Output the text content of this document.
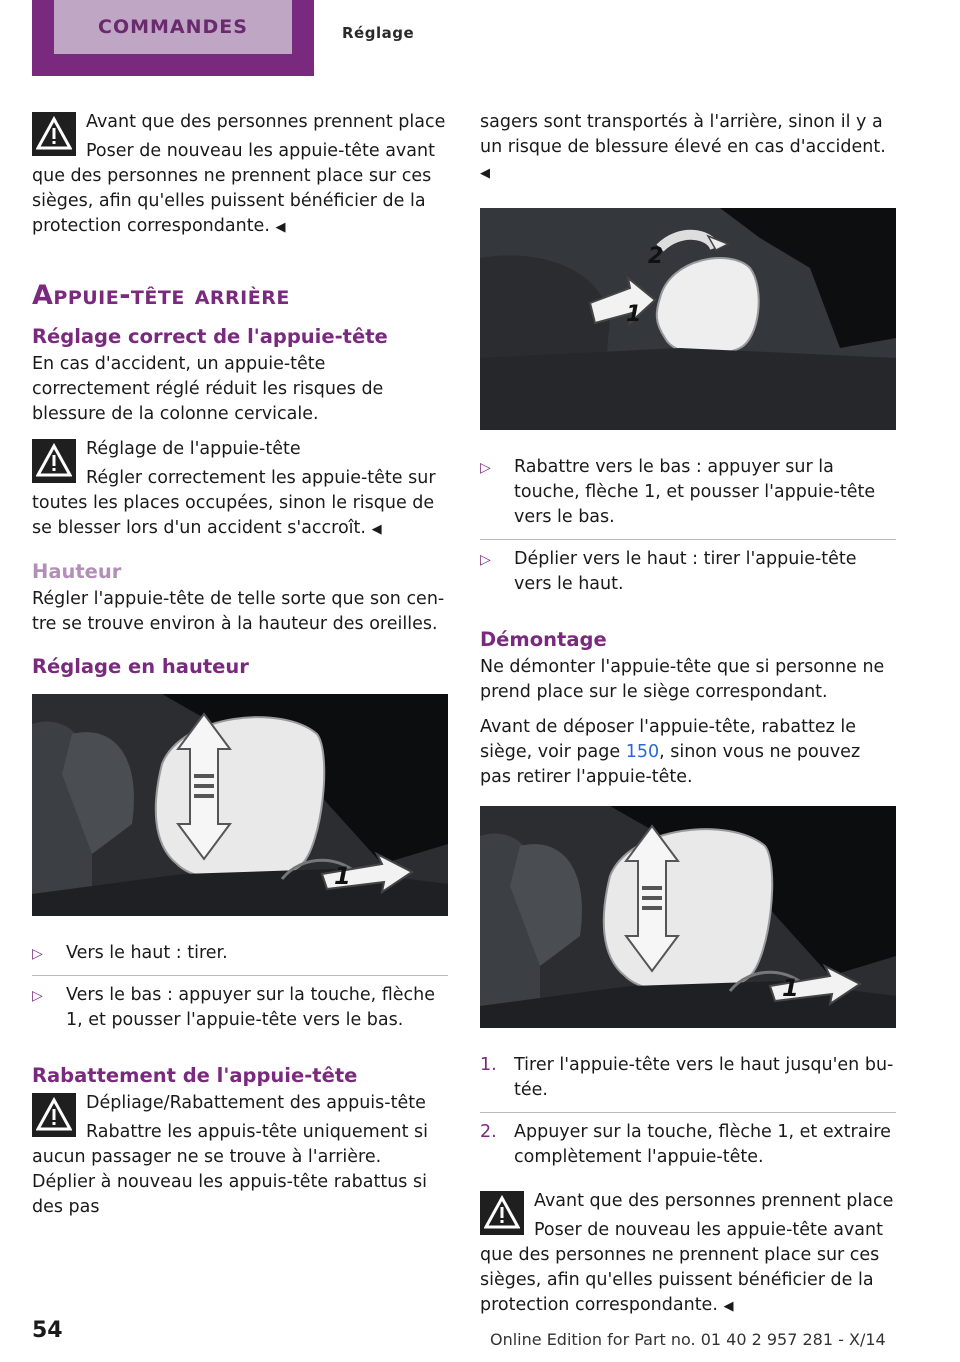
COMMANDES	Réglage

Avant que des personnes prennent place

Poser de nouveau les appuie-tête avant que des personnes ne prennent place sur ces sièges, afin qu'elles puissent bénéficier de la protection correspondante. ◀

Appuie-tête arrière
Réglage correct de l'appuie-tête

En cas d'accident, un appuie-tête correctement réglé réduit les risques de blessure de la colonne cervicale.

Réglage de l'appuie-tête

Régler correctement les appuie-tête sur toutes les places occupées, sinon le risque de se blesser lors d'un accident s'accroît. ◀

Hauteur

Régler l'appuie-tête de telle sorte que son centre se trouve environ à la hauteur des oreilles.

Réglage en hauteur
1
▷ Vers le haut : tirer.
▷ Vers le bas : appuyer sur la touche, flèche 1, et pousser l'appuie-tête vers le bas.
Rabattement de l'appuie-tête

Dépliage/Rabattement des appuis-tête

Rabattre les appuis-tête uniquement si aucun passager ne se trouve à l'arrière. Déplier à nouveau les appuis-tête rabattus si des pas

sagers sont transportés à l'arrière, sinon il y a un risque de blessure élevé en cas d'accident. ◀

2
1
▷ Rabattre vers le bas : appuyer sur la touche, flèche 1, et pousser l'appuie-tête vers le bas.
▷ Déplier vers le haut : tirer l'appuie-tête vers le haut.
Démontage

Ne démonter l'appuie-tête que si personne ne prend place sur le siège correspondant.

Avant de déposer l'appuie-tête, rabattez le siège, voir page 150, sinon vous ne pouvez pas retirer l'appuie-tête.

1
1. Tirer l'appuie-tête vers le haut jusqu'en butée.
2. Appuyer sur la touche, flèche 1, et extraire complètement l'appuie-tête.

Avant que des personnes prennent place

Poser de nouveau les appuie-tête avant que des personnes ne prennent place sur ces sièges, afin qu'elles puissent bénéficier de la protection correspondante. ◀

54	Online Edition for Part no. 01 40 2 957 281 - X/14
